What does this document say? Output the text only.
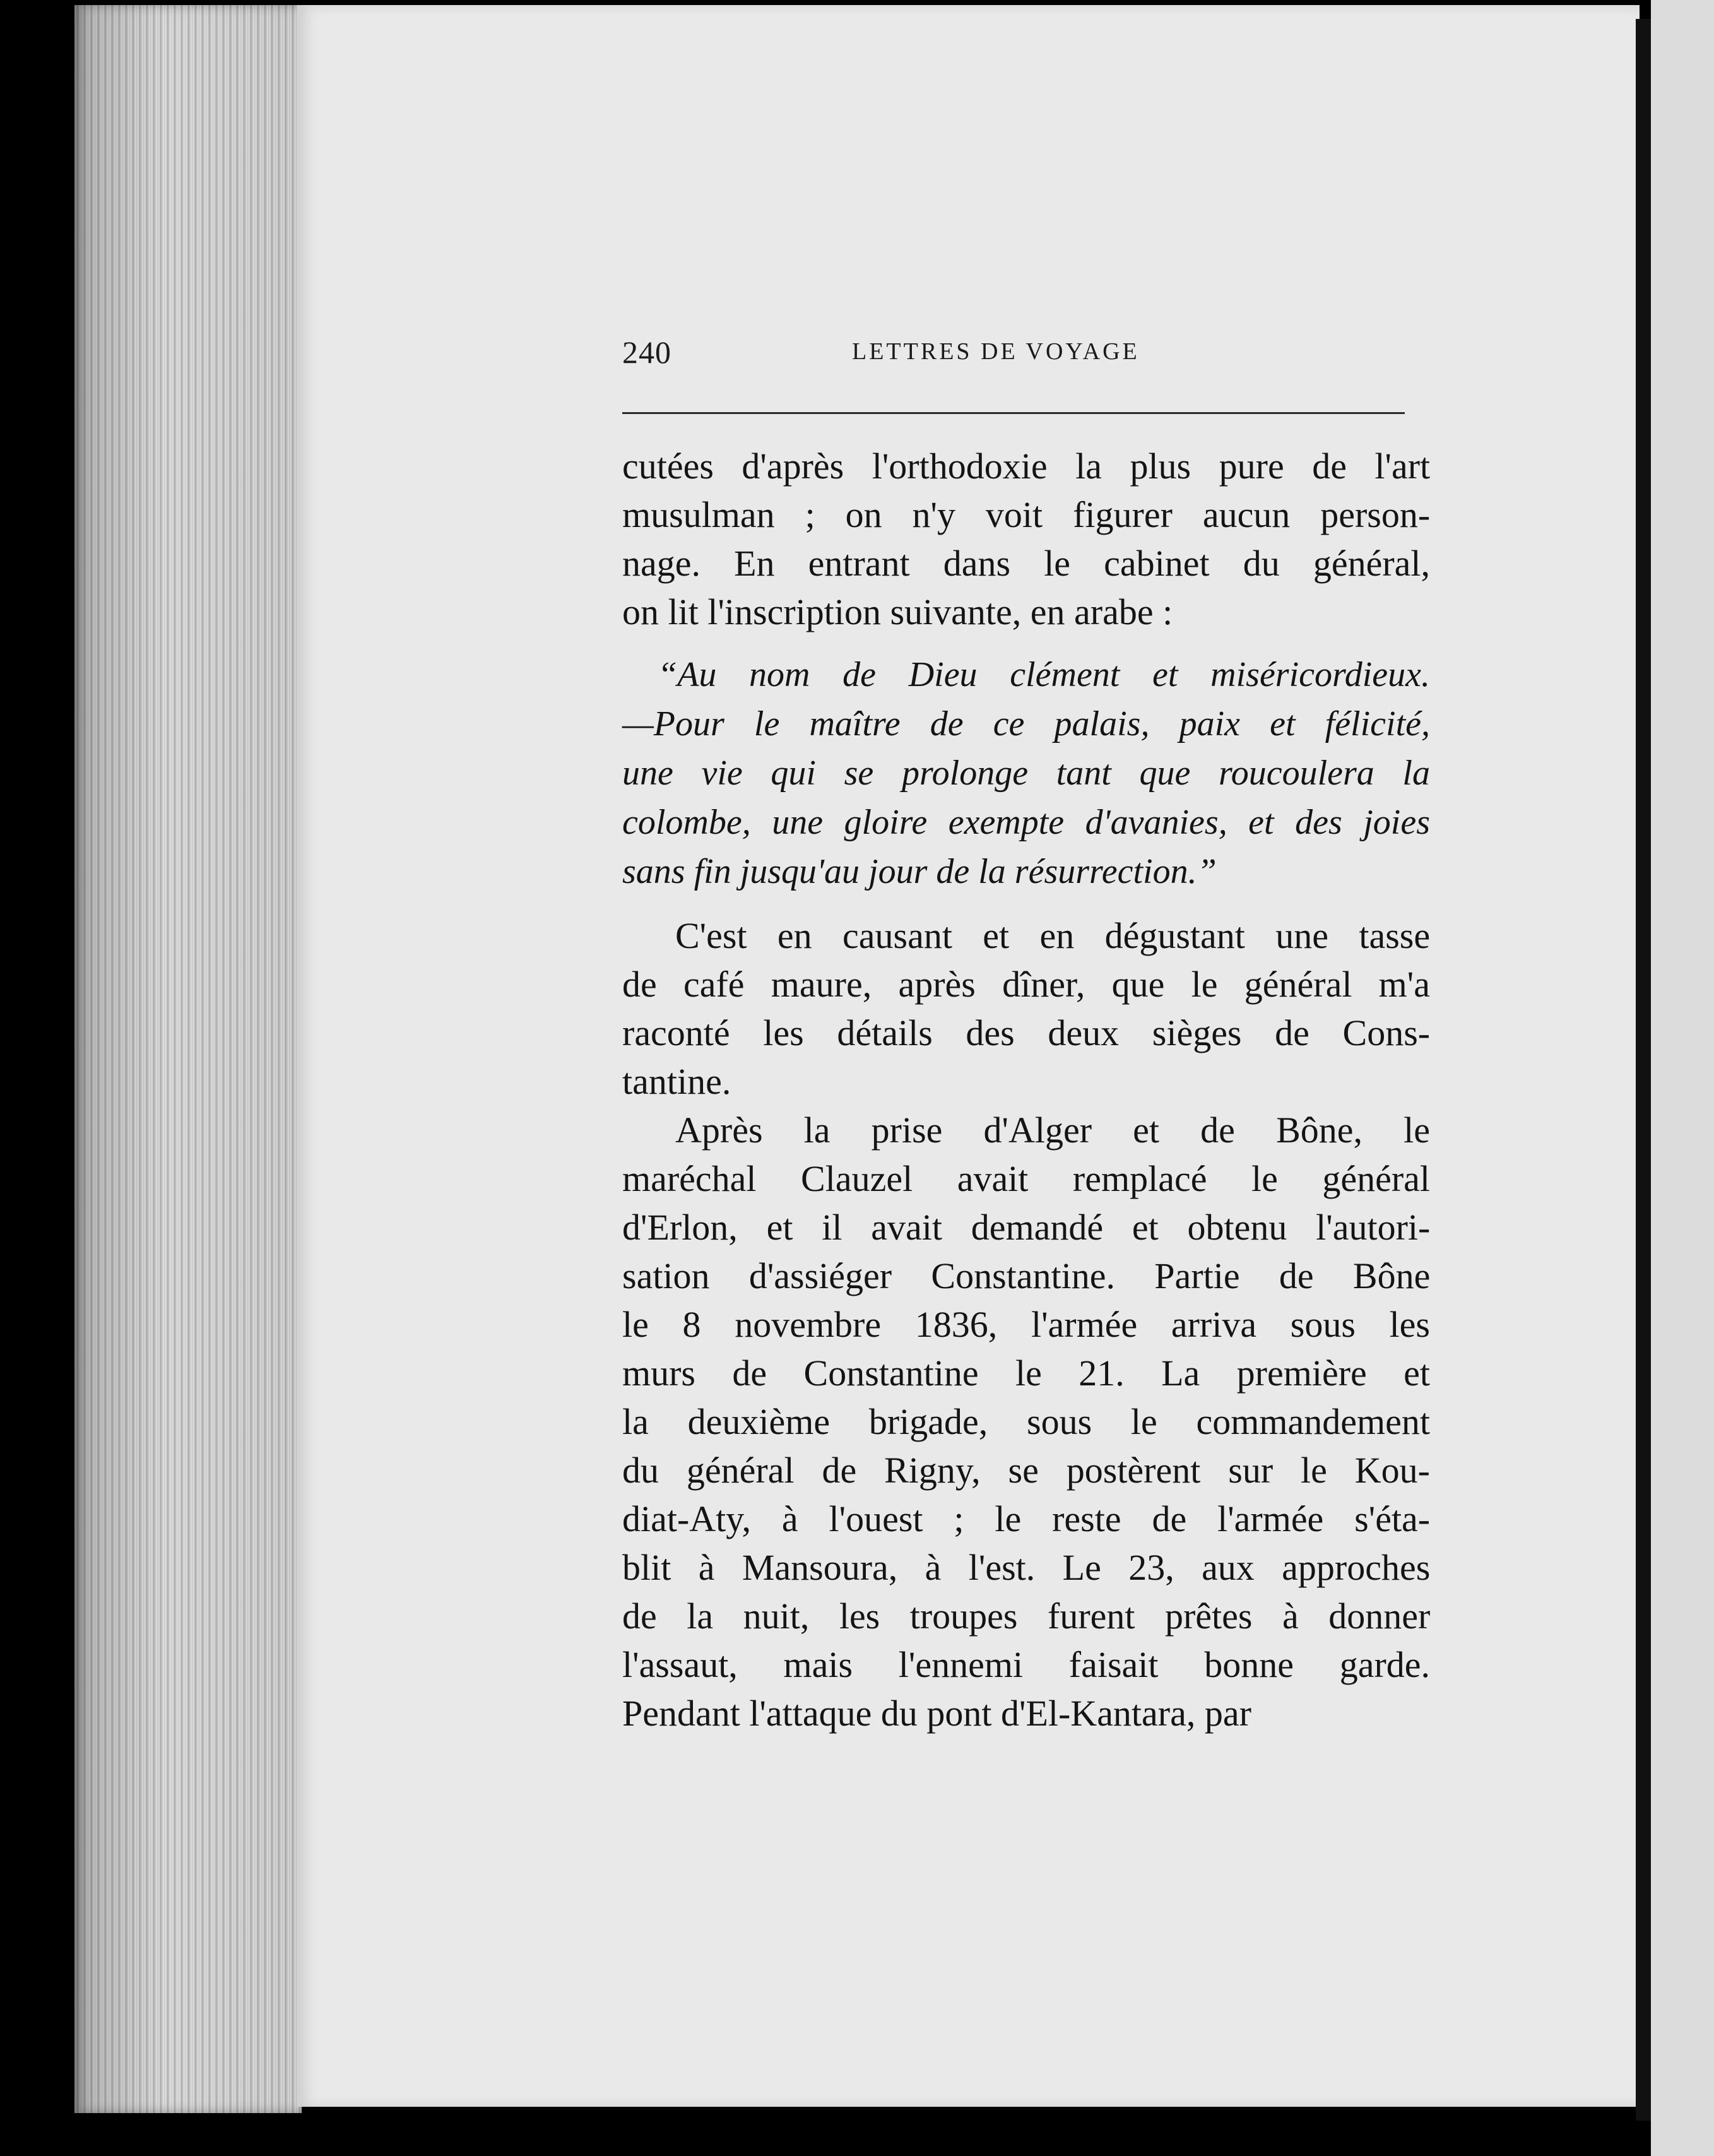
240	LETTRES DE VOYAGE

cutées d'après l'orthodoxie la plus pure de l'art
musulman ; on n'y voit figurer aucun person-
nage. En entrant dans le cabinet du général,
on lit l'inscription suivante, en arabe :

“Au nom de Dieu clément et miséricordieux.
—Pour le maître de ce palais, paix et félicité,
une vie qui se prolonge tant que roucoulera la
colombe, une gloire exempte d'avanies, et des joies
sans fin jusqu'au jour de la résurrection.”

C'est en causant et en dégustant une tasse
de café maure, après dîner, que le général m'a
raconté les détails des deux sièges de Cons-
tantine.

Après la prise d'Alger et de Bône, le
maréchal Clauzel avait remplacé le général
d'Erlon, et il avait demandé et obtenu l'autori-
sation d'assiéger Constantine. Partie de Bône
le 8 novembre 1836, l'armée arriva sous les
murs de Constantine le 21. La première et
la deuxième brigade, sous le commandement
du général de Rigny, se postèrent sur le Kou-
diat-Aty, à l'ouest ; le reste de l'armée s'éta-
blit à Mansoura, à l'est. Le 23, aux approches
de la nuit, les troupes furent prêtes à donner
l'assaut, mais l'ennemi faisait bonne garde.
Pendant l'attaque du pont d'El-Kantara, par
